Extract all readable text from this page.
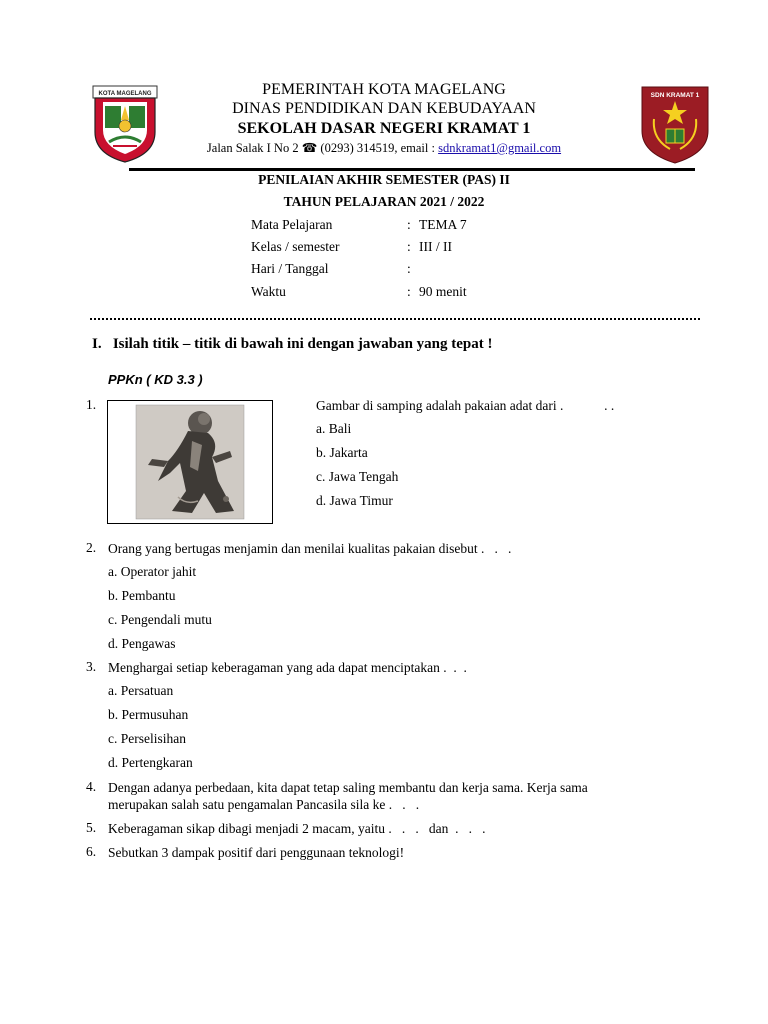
KOTA MAGELANG	PEMERINTAH KOTA MAGELANG
DINAS PENDIDIKAN DAN KEBUDAYAAN
SEKOLAH DASAR NEGERI KRAMAT 1
Jalan Salak I No 2 ☎ (0293) 314519, email : sdnkramat1@gmail.com
SDN KRAMAT 1
PENILAIAN AKHIR SEMESTER (PAS) II
TAHUN PELAJARAN 2021 / 2022
Mata Pelajaran	: TEMA 7
Kelas / semester	: III / II
Hari / Tanggal	:
Waktu	: 90 menit
I. Isilah titik – titik di bawah ini dengan jawaban yang tepat !
PPKn ( KD 3.3 )
1.	Gambar di samping adalah pakaian adat dari .	. .
a. Bali
b. Jakarta
c. Jawa Tengah
d. Jawa Timur
2. Orang yang bertugas menjamin dan menilai kualitas pakaian disebut .   .   .
a. Operator jahit
b. Pembantu
c. Pengendali mutu
d. Pengawas
3. Menghargai setiap keberagaman yang ada dapat menciptakan .  .  .
a. Persatuan
b. Permusuhan
c. Perselisihan
d. Pertengkaran
4. Dengan adanya perbedaan, kita dapat tetap saling membantu dan kerja sama. Kerja sama
merupakan salah satu pengamalan Pancasila sila ke .   .   .
5. Keberagaman sikap dibagi menjadi 2 macam, yaitu .   .   .   dan  .   .   .
6. Sebutkan 3 dampak positif dari penggunaan teknologi!
